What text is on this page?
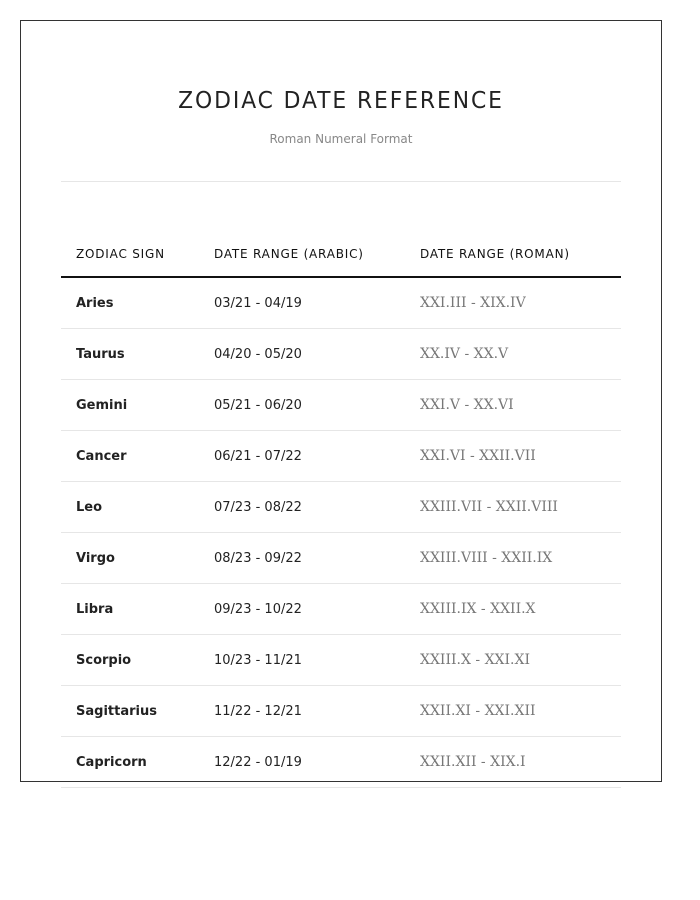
ZODIAC DATE REFERENCE
Roman Numeral Format
ZODIAC SIGN	DATE RANGE (ARABIC)	DATE RANGE (ROMAN)
Aries	03/21 - 04/19	XXI.III - XIX.IV
Taurus	04/20 - 05/20	XX.IV - XX.V
Gemini	05/21 - 06/20	XXI.V - XX.VI
Cancer	06/21 - 07/22	XXI.VI - XXII.VII
Leo	07/23 - 08/22	XXIII.VII - XXII.VIII
Virgo	08/23 - 09/22	XXIII.VIII - XXII.IX
Libra	09/23 - 10/22	XXIII.IX - XXII.X
Scorpio	10/23 - 11/21	XXIII.X - XXI.XI
Sagittarius	11/22 - 12/21	XXII.XI - XXI.XII
Capricorn	12/22 - 01/19	XXII.XII - XIX.I
